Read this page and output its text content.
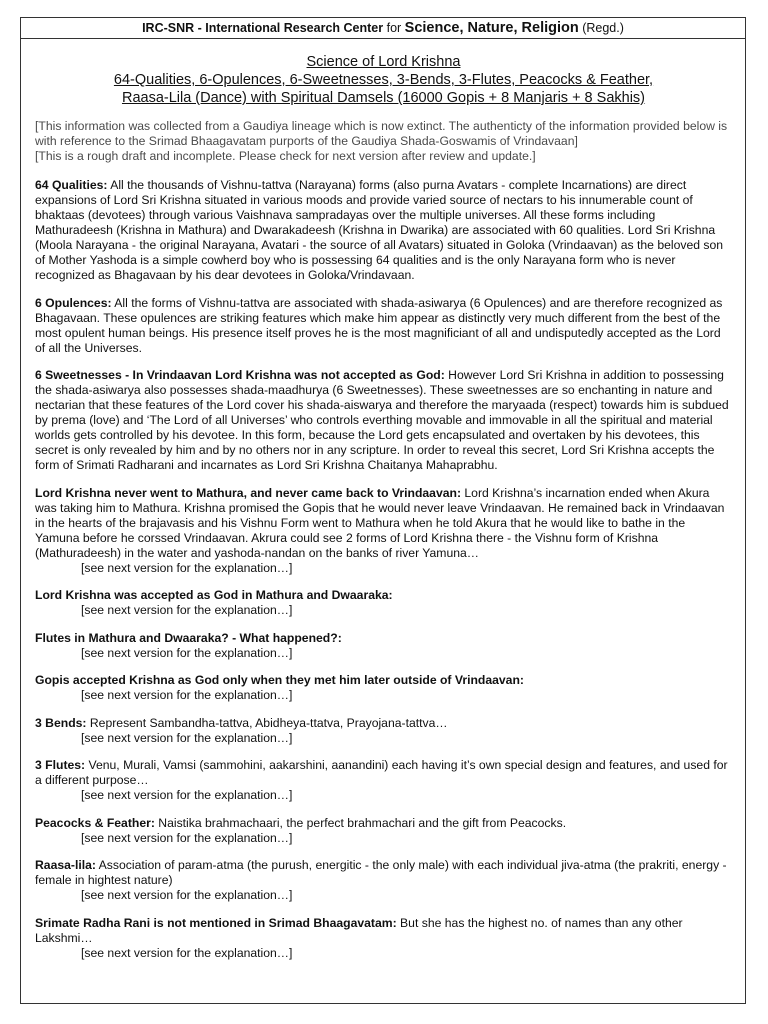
IRC-SNR - International Research Center for Science, Nature, Religion (Regd.)
Science of Lord Krishna
64-Qualities, 6-Opulences, 6-Sweetnesses, 3-Bends, 3-Flutes, Peacocks & Feather,
Raasa-Lila (Dance) with Spiritual Damsels (16000 Gopis + 8 Manjaris + 8 Sakhis)
[This information was collected from a Gaudiya lineage which is now extinct. The authenticty of the information provided below is with reference to the Srimad Bhaagavatam purports of the Gaudiya Shada-Goswamis of Vrindavaan]
[This is a rough draft and incomplete. Please check for next version after review and update.]

64 Qualities: All the thousands of Vishnu-tattva (Narayana) forms (also purna Avatars - complete Incarnations) are direct expansions of Lord Sri Krishna situated in various moods and provide varied source of nectars to his innumerable count of bhaktaas (devotees) through various Vaishnava sampradayas over the multiple universes. All these forms including Mathuradeesh (Krishna in Mathura) and Dwarakadeesh (Krishna in Dwarika) are associated with 60 qualities. Lord Sri Krishna (Moola Narayana - the original Narayana, Avatari - the source of all Avatars) situated in Goloka (Vrindaavan) as the beloved son of Mother Yashoda is a simple cowherd boy who is possessing 64 qualities and is the only Narayana form who is never recognized as Bhagavaan by his dear devotees in Goloka/Vrindavaan.

6 Opulences: All the forms of Vishnu-tattva are associated with shada-asiwarya (6 Opulences) and are therefore recognized as Bhagavaan. These opulences are striking features which make him appear as distinctly very much different from the best of the most opulent human beings. His presence itself proves he is the most magnificiant of all and undisputedly accepted as the Lord of all the Universes.

6 Sweetnesses - In Vrindaavan Lord Krishna was not accepted as God: However Lord Sri Krishna in addition to possessing the shada-asiwarya also possesses shada-maadhurya (6 Sweetnesses). These sweetnesses are so enchanting in nature and nectarian that these features of the Lord cover his shada-aiswarya and therefore the maryaada (respect) towards him is subdued by prema (love) and ‘The Lord of all Universes’ who controls everthing movable and immovable in all the spiritual and material worlds gets controlled by his devotee. In this form, because the Lord gets encapsulated and overtaken by his devotees, this secret is only revealed by him and by no others nor in any scripture. In order to reveal this secret, Lord Sri Krishna accepts the form of Srimati Radharani and incarnates as Lord Sri Krishna Chaitanya Mahaprabhu.

Lord Krishna never went to Mathura, and never came back to Vrindaavan: Lord Krishna’s incarnation ended when Akura was taking him to Mathura. Krishna promised the Gopis that he would never leave Vrindaavan. He remained back in Vrindaavan in the hearts of the brajavasis and his Vishnu Form went to Mathura when he told Akura that he would like to bathe in the Yamuna before he corssed Vrindaavan. Akrura could see 2 forms of Lord Krishna there - the Vishnu form of Krishna (Mathuradeesh) in the water and yashoda-nandan on the banks of river Yamuna…
[see next version for the explanation…]

Lord Krishna was accepted as God in Mathura and Dwaaraka:
[see next version for the explanation…]

Flutes in Mathura and Dwaaraka? - What happened?:
[see next version for the explanation…]

Gopis accepted Krishna as God only when they met him later outside of Vrindaavan:
[see next version for the explanation…]

3 Bends: Represent Sambandha-tattva, Abidheya-ttatva, Prayojana-tattva…
[see next version for the explanation…]

3 Flutes: Venu, Murali, Vamsi (sammohini, aakarshini, aanandini) each having it’s own special design and features, and used for a different purpose…
[see next version for the explanation…]

Peacocks & Feather: Naistika brahmachaari, the perfect brahmachari and the gift from Peacocks.
[see next version for the explanation…]

Raasa-lila: Association of param-atma (the purush, energitic - the only male) with each individual jiva-atma (the prakriti, energy - female in hightest nature)
[see next version for the explanation…]

Srimate Radha Rani is not mentioned in Srimad Bhaagavatam: But she has the highest no. of names than any other Lakshmi…
[see next version for the explanation…]
